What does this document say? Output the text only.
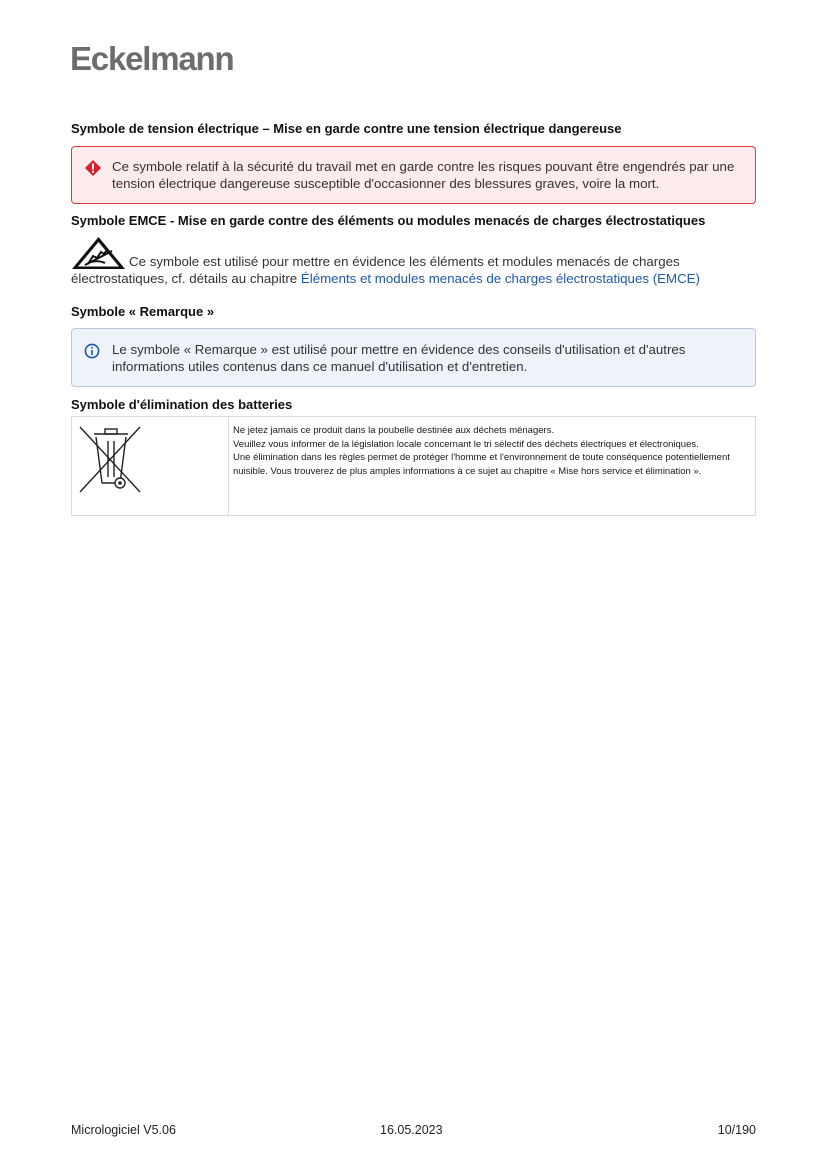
Eckelmann
Symbole de tension électrique – Mise en garde contre une tension électrique dangereuse
Ce symbole relatif à la sécurité du travail met en garde contre les risques pouvant être engendrés par une tension électrique dangereuse susceptible d'occasionner des blessures graves, voire la mort.
Symbole EMCE - Mise en garde contre des éléments ou modules menacés de charges électrostatiques
Ce symbole est utilisé pour mettre en évidence les éléments et modules menacés de charges électrostatiques, cf. détails au chapitre Éléments et modules menacés de charges électrostatiques (EMCE)
Symbole « Remarque »
Le symbole « Remarque » est utilisé pour mettre en évidence des conseils d'utilisation et d'autres informations utiles contenus dans ce manuel d'utilisation et d'entretien.
Symbole d'élimination des batteries

Ne jetez jamais ce produit dans la poubelle destinée aux déchets ménagers.
Veuillez vous informer de la législation locale concernant le tri sélectif des déchets électriques et électroniques.
Une élimination dans les règles permet de protéger l'homme et l'environnement de toute conséquence potentiellement nuisible. Vous trouverez de plus amples informations à ce sujet au chapitre « Mise hors service et élimination ».
Micrologiciel V5.06	16.05.2023	10/190
